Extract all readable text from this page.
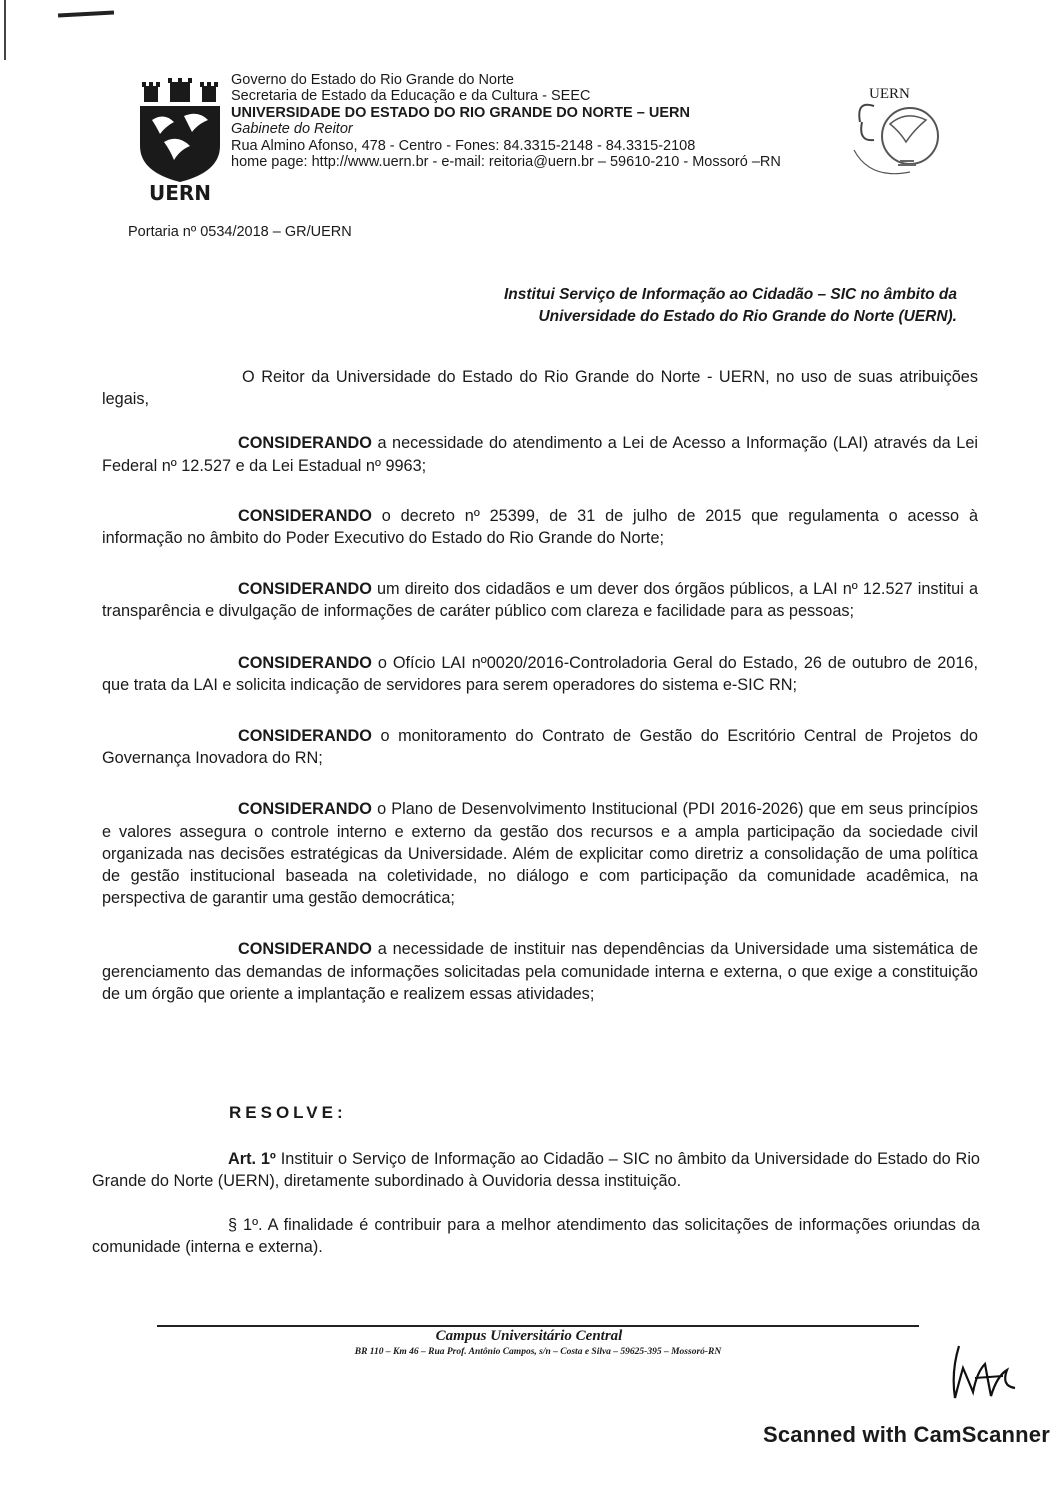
UERN
Governo do Estado do Rio Grande do Norte
Secretaria de Estado da Educação e da Cultura - SEEC
UNIVERSIDADE DO ESTADO DO RIO GRANDE DO NORTE – UERN
Gabinete do Reitor
Rua Almino Afonso, 478 - Centro - Fones: 84.3315-2148 - 84.3315-2108
home page: http://www.uern.br - e-mail: reitoria@uern.br – 59610-210 - Mossoró –RN
UERN
Portaria nº 0534/2018 – GR/UERN
Institui Serviço de Informação ao Cidadão – SIC no âmbito da
Universidade do Estado do Rio Grande do Norte (UERN).

O Reitor da Universidade do Estado do Rio Grande do Norte - UERN, no uso de suas atribuições legais,

CONSIDERANDO a necessidade do atendimento a Lei de Acesso a Informação (LAI) através da Lei Federal nº 12.527 e da Lei Estadual nº 9963;

CONSIDERANDO o decreto nº 25399, de 31 de julho de 2015 que regulamenta o acesso à informação no âmbito do Poder Executivo do Estado do Rio Grande do Norte;

CONSIDERANDO um direito dos cidadãos e um dever dos órgãos públicos, a LAI nº 12.527 institui a transparência e divulgação de informações de caráter público com clareza e facilidade para as pessoas;

CONSIDERANDO o Ofício LAI nº0020/2016-Controladoria Geral do Estado, 26 de outubro de 2016, que trata da LAI e solicita indicação de servidores para serem operadores do sistema e-SIC RN;

CONSIDERANDO o monitoramento do Contrato de Gestão do Escritório Central de Projetos do Governança Inovadora do RN;

CONSIDERANDO o Plano de Desenvolvimento Institucional (PDI 2016-2026) que em seus princípios e valores assegura o controle interno e externo da gestão dos recursos e a ampla participação da sociedade civil organizada nas decisões estratégicas da Universidade. Além de explicitar como diretriz a consolidação de uma política de gestão institucional baseada na coletividade, no diálogo e com participação da comunidade acadêmica, na perspectiva de garantir uma gestão democrática;

CONSIDERANDO a necessidade de instituir nas dependências da Universidade uma sistemática de gerenciamento das demandas de informações solicitadas pela comunidade interna e externa, o que exige a constituição de um órgão que oriente a implantação e realizem essas atividades;

RESOLVE:

Art. 1º Instituir o Serviço de Informação ao Cidadão – SIC no âmbito da Universidade do Estado do Rio Grande do Norte (UERN), diretamente subordinado à Ouvidoria dessa instituição.

§ 1º. A finalidade é contribuir para a melhor atendimento das solicitações de informações oriundas da comunidade (interna e externa).

Campus Universitário Central
BR 110 – Km 46 – Rua Prof. Antônio Campos, s/n – Costa e Silva – 59625-395 – Mossoró-RN
Scanned with CamScanner
